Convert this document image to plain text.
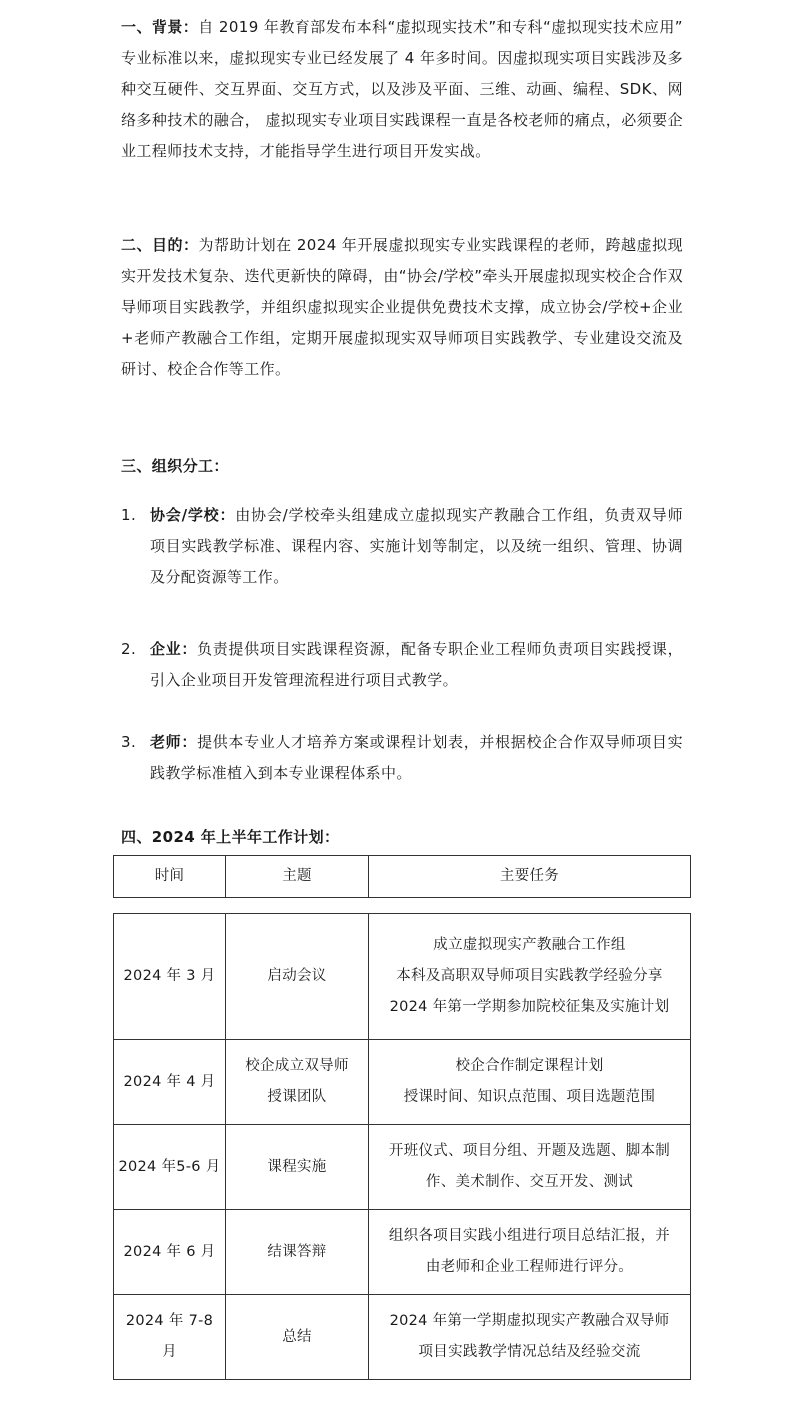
一、背景：自 2019 年教育部发布本科“虚拟现实技术”和专科“虚拟现实技术应用” 专业标准以来，虚拟现实专业已经发展了 4 年多时间。因虚拟现实项目实践涉及多种交互硬件、交互界面、交互方式，以及涉及平面、三维、动画、编程、SDK、网络多种技术的融合， 虚拟现实专业项目实践课程一直是各校老师的痛点，必须要企业工程师技术支持，才能指导学生进行项目开发实战。
二、目的：为帮助计划在 2024 年开展虚拟现实专业实践课程的老师，跨越虚拟现实开发技术复杂、迭代更新快的障碍，由“协会/学校”牵头开展虚拟现实校企合作双导师项目实践教学，并组织虚拟现实企业提供免费技术支撑，成立协会/学校+企业+老师产教融合工作组，定期开展虚拟现实双导师项目实践教学、专业建设交流及研讨、校企合作等工作。
三、组织分工：
1. 协会/学校：由协会/学校牵头组建成立虚拟现实产教融合工作组，负责双导师项目实践教学标准、课程内容、实施计划等制定，以及统一组织、管理、协调及分配资源等工作。
2. 企业：负责提供项目实践课程资源，配备专职企业工程师负责项目实践授课，引入企业项目开发管理流程进行项目式教学。
3. 老师：提供本专业人才培养方案或课程计划表，并根据校企合作双导师项目实践教学标准植入到本专业课程体系中。
四、2024 年上半年工作计划：
时间	主题	主要任务
2024 年 3 月	启动会议	成立虚拟现实产教融合工作组
本科及高职双导师项目实践教学经验分享
2024 年第一学期参加院校征集及实施计划

2024 年 4 月	校企成立双导师
授课团队	校企合作制定课程计划
授课时间、知识点范围、项目选题范围

2024 年5-6 月	课程实施	开班仪式、项目分组、开题及选题、脚本制
作、美术制作、交互开发、测试

2024 年 6 月	结课答辩	组织各项目实践小组进行项目总结汇报，并
由老师和企业工程师进行评分。

2024 年 7-8
月	总结	2024 年第一学期虚拟现实产教融合双导师
项目实践教学情况总结及经验交流
